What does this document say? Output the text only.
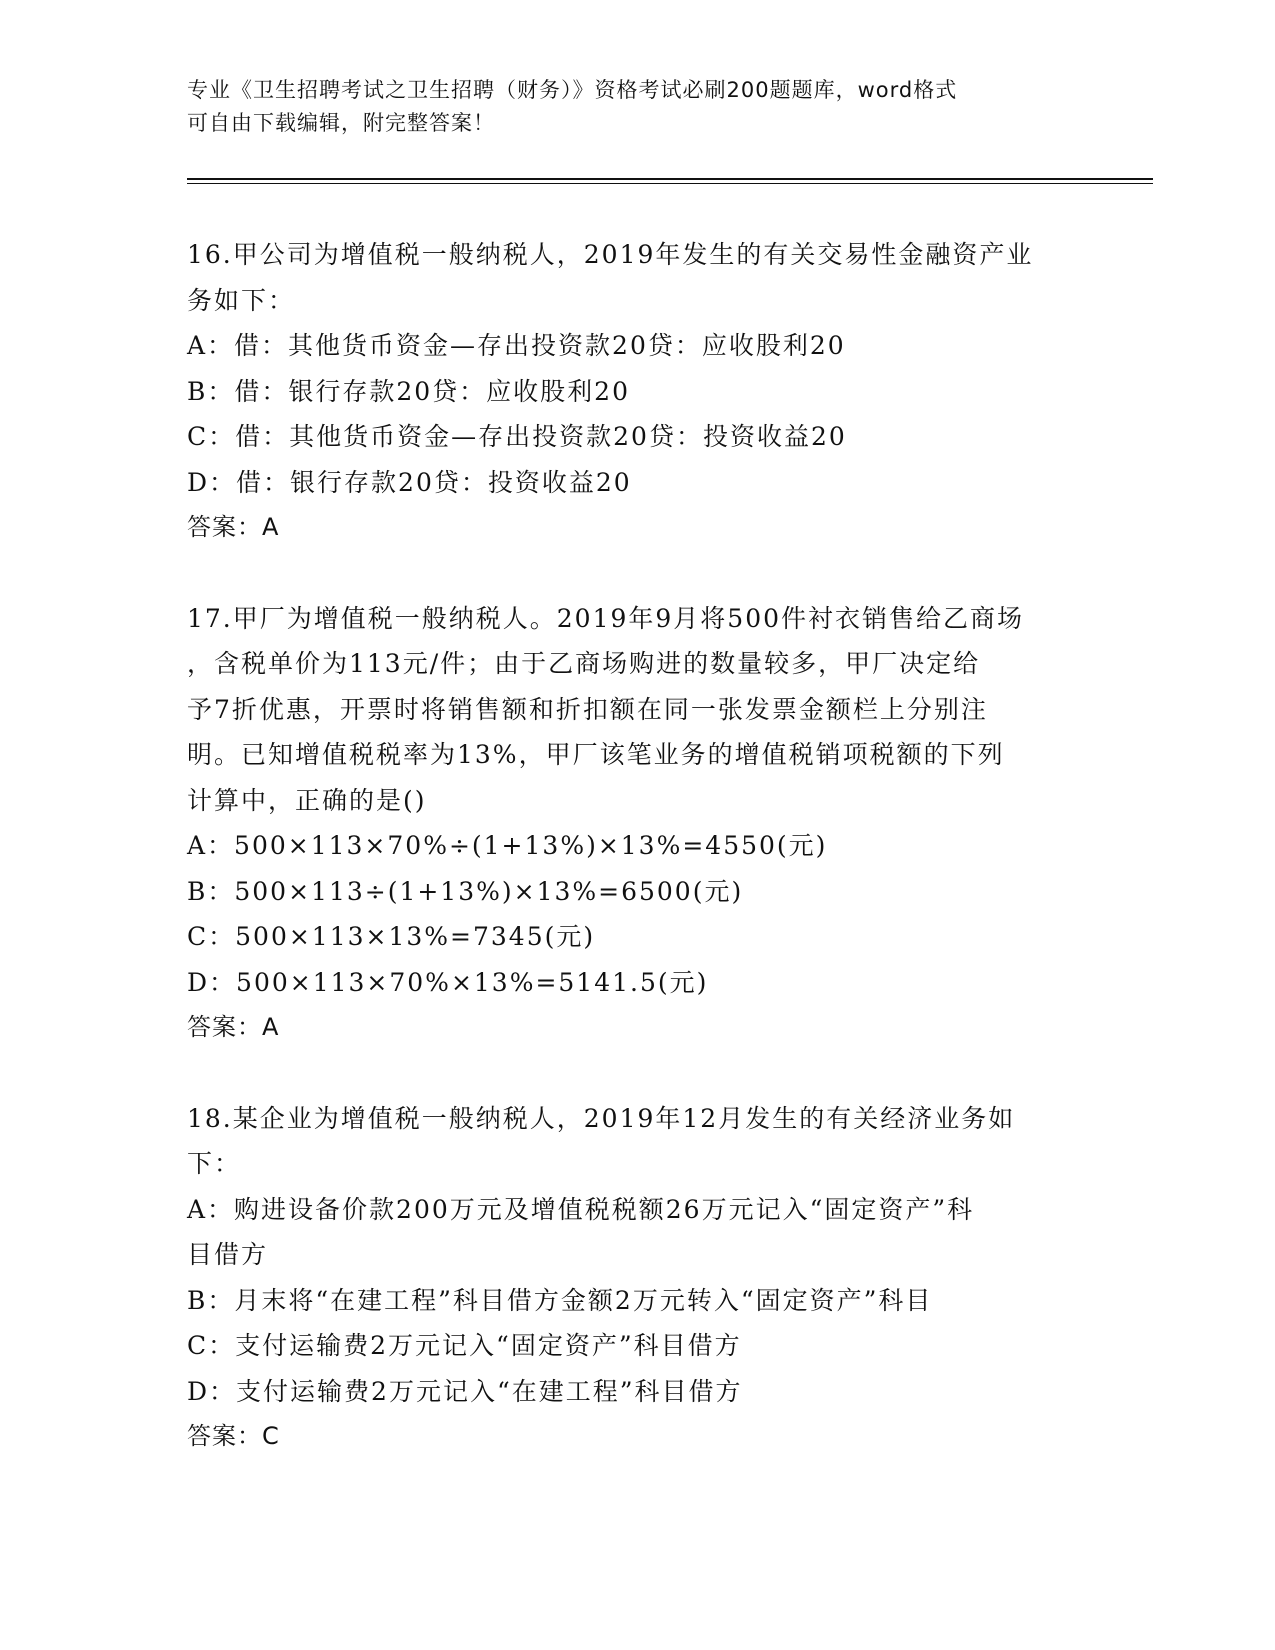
专业《卫生招聘考试之卫生招聘（财务）》资格考试必刷200题题库，word格式
可自由下载编辑，附完整答案！
16.甲公司为增值税一般纳税人，2019年发生的有关交易性金融资产业
务如下：
A：借：其他货币资金—存出投资款20贷：应收股利20
B：借：银行存款20贷：应收股利20
C：借：其他货币资金—存出投资款20贷：投资收益20
D：借：银行存款20贷：投资收益20
答案：A
17.甲厂为增值税一般纳税人。2019年9月将500件衬衣销售给乙商场
，含税单价为113元/件；由于乙商场购进的数量较多，甲厂决定给
予7折优惠，开票时将销售额和折扣额在同一张发票金额栏上分别注
明。已知增值税税率为13%，甲厂该笔业务的增值税销项税额的下列
计算中，正确的是()
A：500×113×70%÷(1+13%)×13%=4550(元)
B：500×113÷(1+13%)×13%=6500(元)
C：500×113×13%=7345(元)
D：500×113×70%×13%=5141.5(元)
答案：A
18.某企业为增值税一般纳税人，2019年12月发生的有关经济业务如
下：
A：购进设备价款200万元及增值税税额26万元记入“固定资产”科
目借方
B：月末将“在建工程”科目借方金额2万元转入“固定资产”科目
C：支付运输费2万元记入“固定资产”科目借方
D：支付运输费2万元记入“在建工程”科目借方
答案：C
